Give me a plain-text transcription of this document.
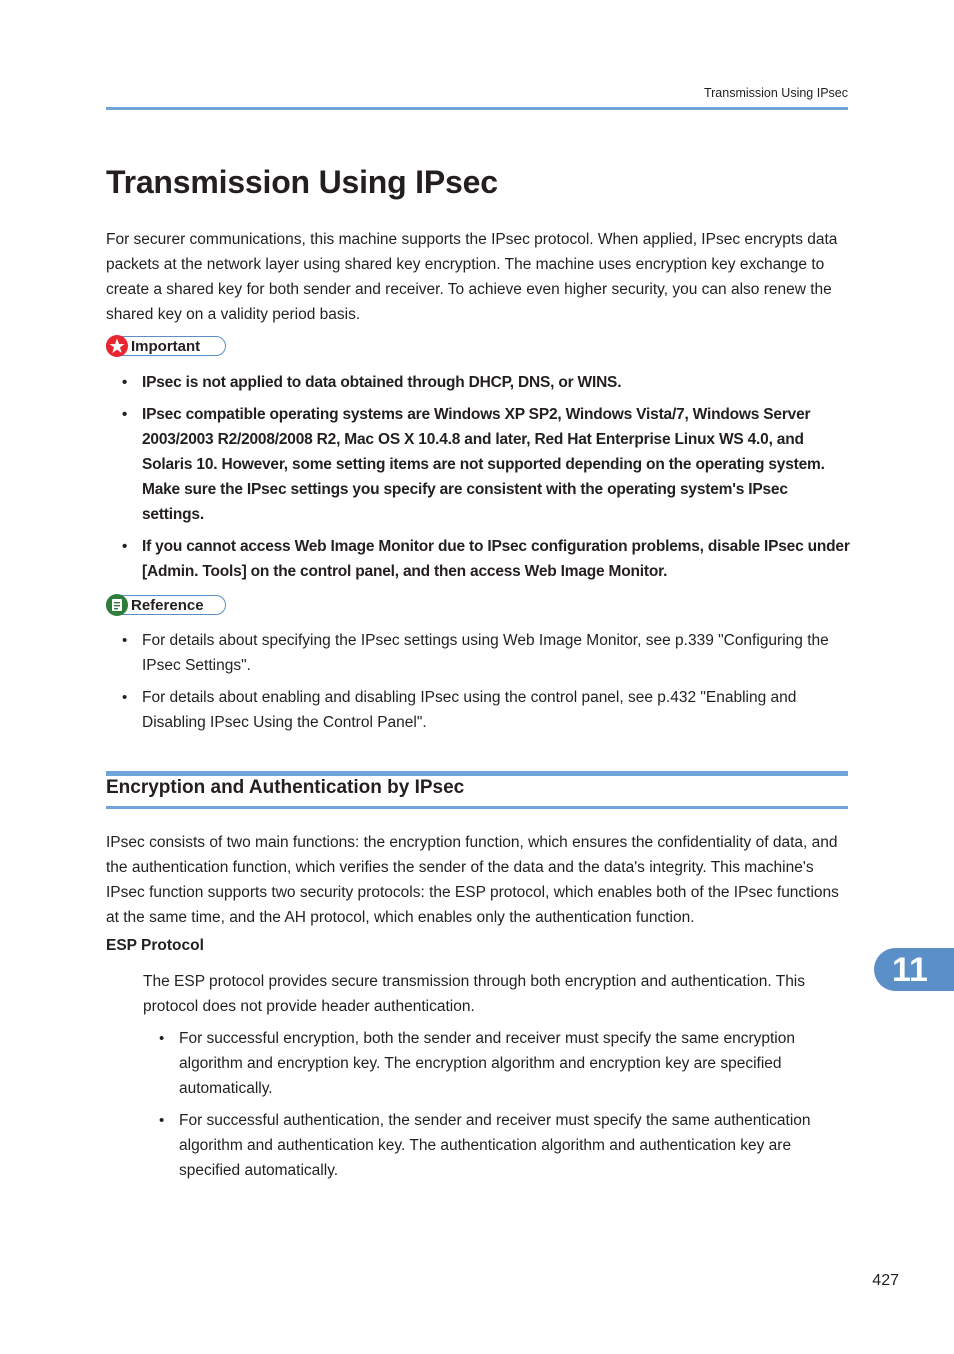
Transmission Using IPsec
Transmission Using IPsec

For securer communications, this machine supports the IPsec protocol. When applied, IPsec encrypts data packets at the network layer using shared key encryption. The machine uses encryption key exchange to create a shared key for both sender and receiver. To achieve even higher security, you can also renew the shared key on a validity period basis.

Important
• IPsec is not applied to data obtained through DHCP, DNS, or WINS.
• IPsec compatible operating systems are Windows XP SP2, Windows Vista/7, Windows Server 2003/2003 R2/2008/2008 R2, Mac OS X 10.4.8 and later, Red Hat Enterprise Linux WS 4.0, and Solaris 10. However, some setting items are not supported depending on the operating system. Make sure the IPsec settings you specify are consistent with the operating system's IPsec settings.
• If you cannot access Web Image Monitor due to IPsec configuration problems, disable IPsec under [Admin. Tools] on the control panel, and then access Web Image Monitor.
Reference
• For details about specifying the IPsec settings using Web Image Monitor, see p.339 "Configuring the IPsec Settings".
• For details about enabling and disabling IPsec using the control panel, see p.432 "Enabling and Disabling IPsec Using the Control Panel".
Encryption and Authentication by IPsec

IPsec consists of two main functions: the encryption function, which ensures the confidentiality of data, and the authentication function, which verifies the sender of the data and the data's integrity. This machine's IPsec function supports two security protocols: the ESP protocol, which enables both of the IPsec functions at the same time, and the AH protocol, which enables only the authentication function.

ESP Protocol

The ESP protocol provides secure transmission through both encryption and authentication. This protocol does not provide header authentication.

• For successful encryption, both the sender and receiver must specify the same encryption algorithm and encryption key. The encryption algorithm and encryption key are specified automatically.
• For successful authentication, the sender and receiver must specify the same authentication algorithm and authentication key. The authentication algorithm and authentication key are specified automatically.
11
427
